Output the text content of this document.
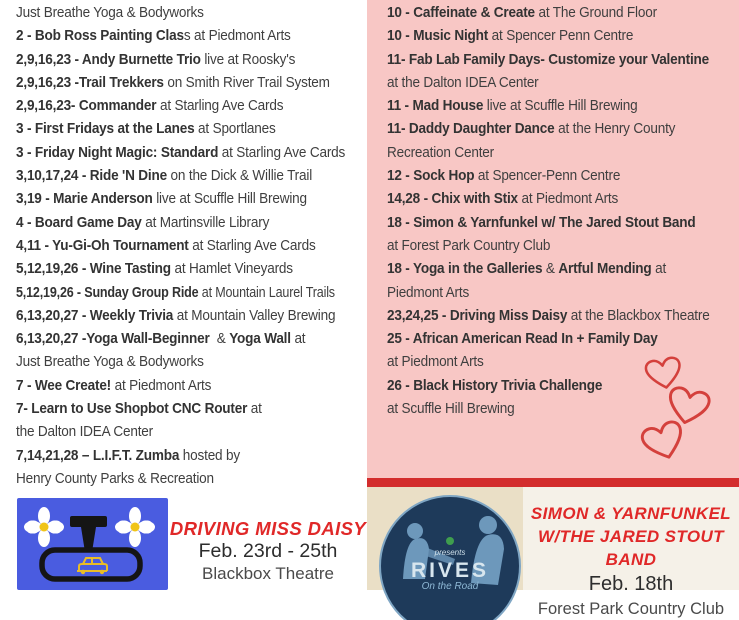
Just Breathe Yoga & Bodyworks
2 - Bob Ross Painting Class at Piedmont Arts
2,9,16,23 - Andy Burnette Trio live at Roosky's
2,9,16,23 -Trail Trekkers on Smith River Trail System
2,9,16,23- Commander at Starling Ave Cards
3 - First Fridays at the Lanes at Sportlanes
3 - Friday Night Magic: Standard at Starling Ave Cards
3,10,17,24 - Ride 'N Dine on the Dick & Willie Trail
3,19 - Marie Anderson live at Scuffle Hill Brewing
4 - Board Game Day at Martinsville Library
4,11 - Yu-Gi-Oh Tournament at Starling Ave Cards
5,12,19,26 - Wine Tasting at Hamlet Vineyards
5,12,19,26 - Sunday Group Ride at Mountain Laurel Trails
6,13,20,27 - Weekly Trivia at Mountain Valley Brewing
6,13,20,27 -Yoga Wall-Beginner  & Yoga Wall at
Just Breathe Yoga & Bodyworks
7 - Wee Create! at Piedmont Arts
7- Learn to Use Shopbot CNC Router at
the Dalton IDEA Center
7,14,21,28 – L.I.F.T. Zumba hosted by
Henry County Parks & Recreation
10 - Caffeinate & Create at The Ground Floor
10 - Music Night at Spencer Penn Centre
11- Fab Lab Family Days- Customize your Valentine
at the Dalton IDEA Center
11 - Mad House live at Scuffle Hill Brewing
11- Daddy Daughter Dance at the Henry County
Recreation Center
12 - Sock Hop at Spencer-Penn Centre
14,28 - Chix with Stix at Piedmont Arts
18 - Simon & Yarnfunkel w/ The Jared Stout Band
at Forest Park Country Club
18 - Yoga in the Galleries & Artful Mending at
Piedmont Arts
23,24,25 - Driving Miss Daisy at the Blackbox Theatre
25 - African American Read In + Family Day
at Piedmont Arts
26 - Black History Trivia Challenge
at Scuffle Hill Brewing
DRIVING MISS DAISY
Feb. 23rd - 25th
Blackbox Theatre
presents
RIVES
On the Road
SIMON & YARNFUNKEL
W/THE JARED STOUT BAND
Feb. 18th
Forest Park Country Club
